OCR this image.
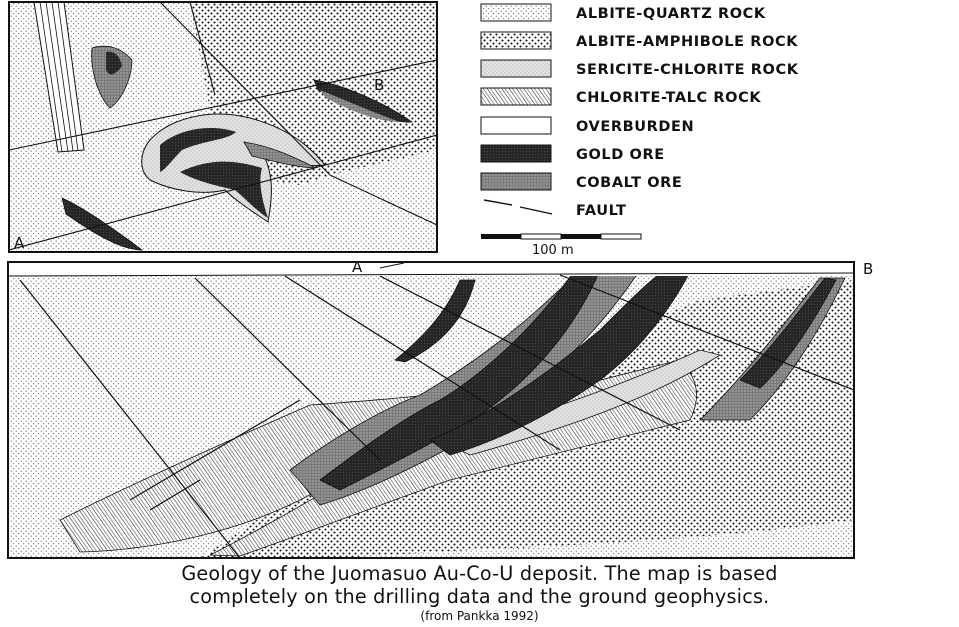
A
B
ALBITE-QUARTZ ROCK
ALBITE-AMPHIBOLE ROCK
SERICITE-CHLORITE ROCK
CHLORITE-TALC ROCK
OVERBURDEN
GOLD ORE
COBALT ORE
FAULT
100 m
A	B
Geology of the Juomasuo Au-Co-U deposit. The map is based
completely on the drilling data and the ground geophysics.
(from Pankka 1992)
